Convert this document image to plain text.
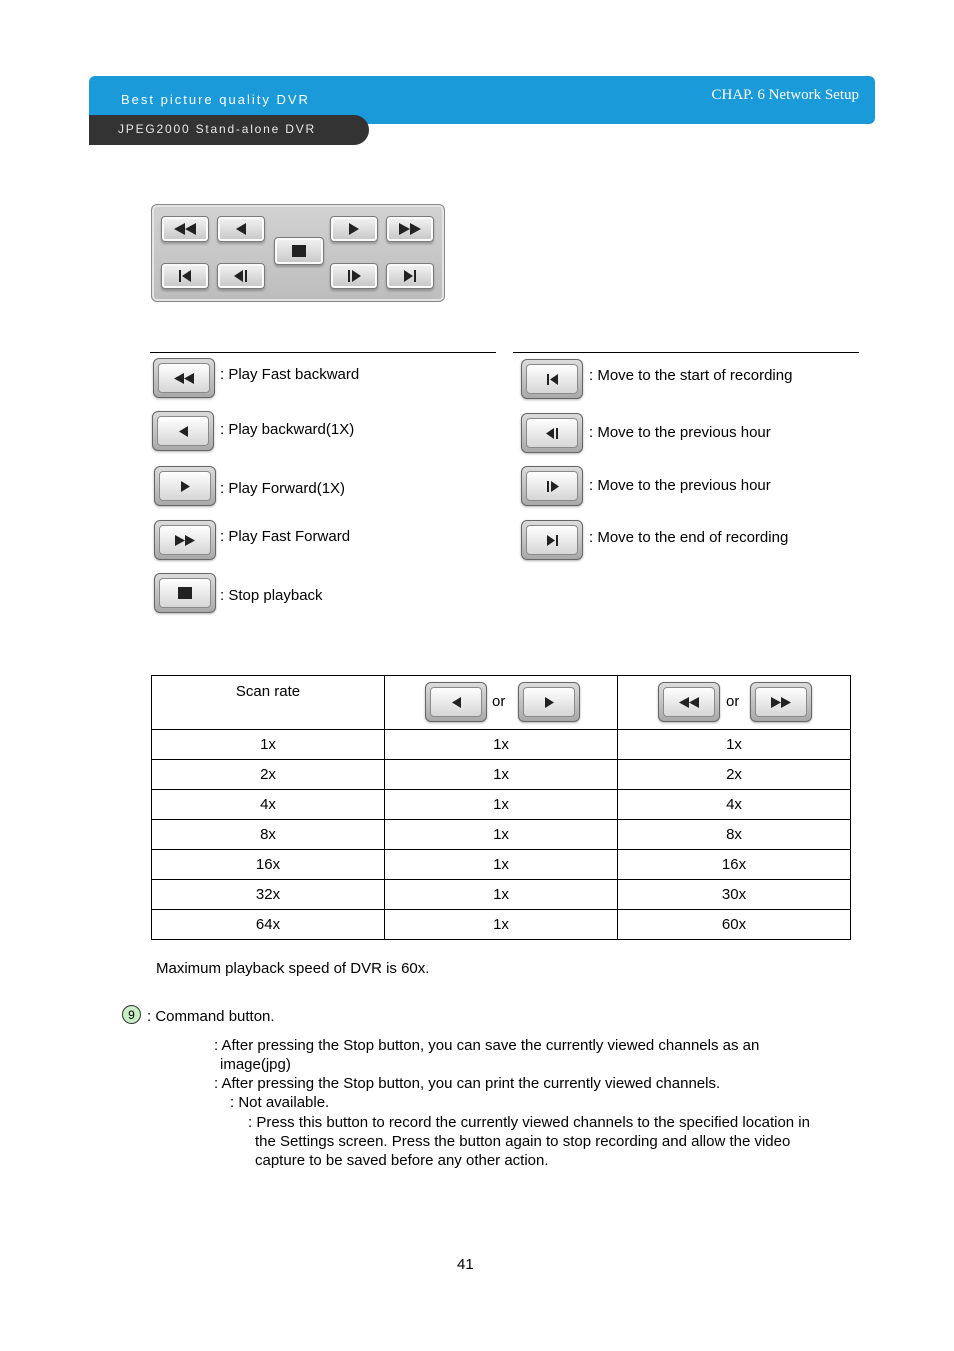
Best picture quality DVR	CHAP. 6 Network Setup
JPEG2000 Stand-alone DVR
: Play Fast backward
: Play backward(1X)
: Play Forward(1X)
: Play Fast Forward
: Stop playback
: Move to the start of recording
: Move to the previous hour
: Move to the previous hour
: Move to the end of recording
Scan rate	or	or

1x	1x	1x
2x	1x	2x
4x	1x	4x
8x	1x	8x
16x	1x	16x
32x	1x	30x
64x	1x	60x
Maximum playback speed of DVR is 60x.
9 : Command button.
: After pressing the Stop button, you can save the currently viewed channels as an
image(jpg)
: After pressing the Stop button, you can print the currently viewed channels.
: Not available.
: Press this button to record the currently viewed channels to the specified location in
the Settings screen. Press the button again to stop recording and allow the video
capture to be saved before any other action.
41
